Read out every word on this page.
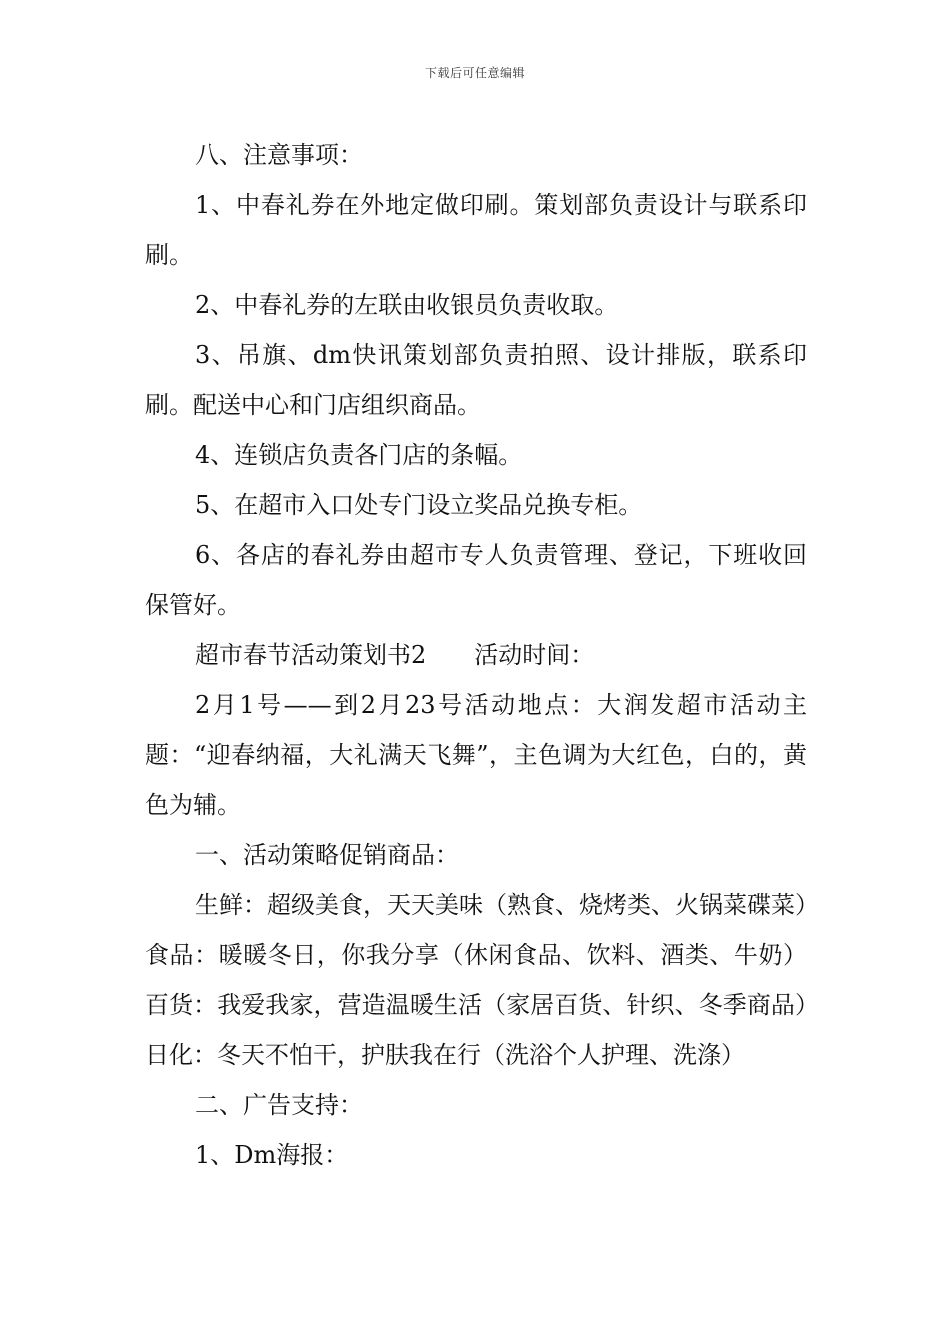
下载后可任意编辑

八、注意事项：

1、中春礼券在外地定做印刷。策划部负责设计与联系印刷。

2、中春礼券的左联由收银员负责收取。

3、吊旗、dm快讯策划部负责拍照、设计排版，联系印刷。配送中心和门店组织商品。

4、连锁店负责各门店的条幅。

5、在超市入口处专门设立奖品兑换专柜。

6、各店的春礼券由超市专人负责管理、登记，下班收回保管好。

超市春节活动策划书2　　活动时间：

2月1号——到2月23号活动地点：大润发超市活动主题：“迎春纳福，大礼满天飞舞”，主色调为大红色，白的，黄色为辅。

一、活动策略促销商品：

生鲜：超级美食，天天美味（熟食、烧烤类、火锅菜碟菜）食品：暖暖冬日，你我分享（休闲食品、饮料、酒类、牛奶）百货：我爱我家，营造温暖生活（家居百货、针织、冬季商品）日化：冬天不怕干，护肤我在行（洗浴个人护理、洗涤）

二、广告支持：

1、Dm海报：
